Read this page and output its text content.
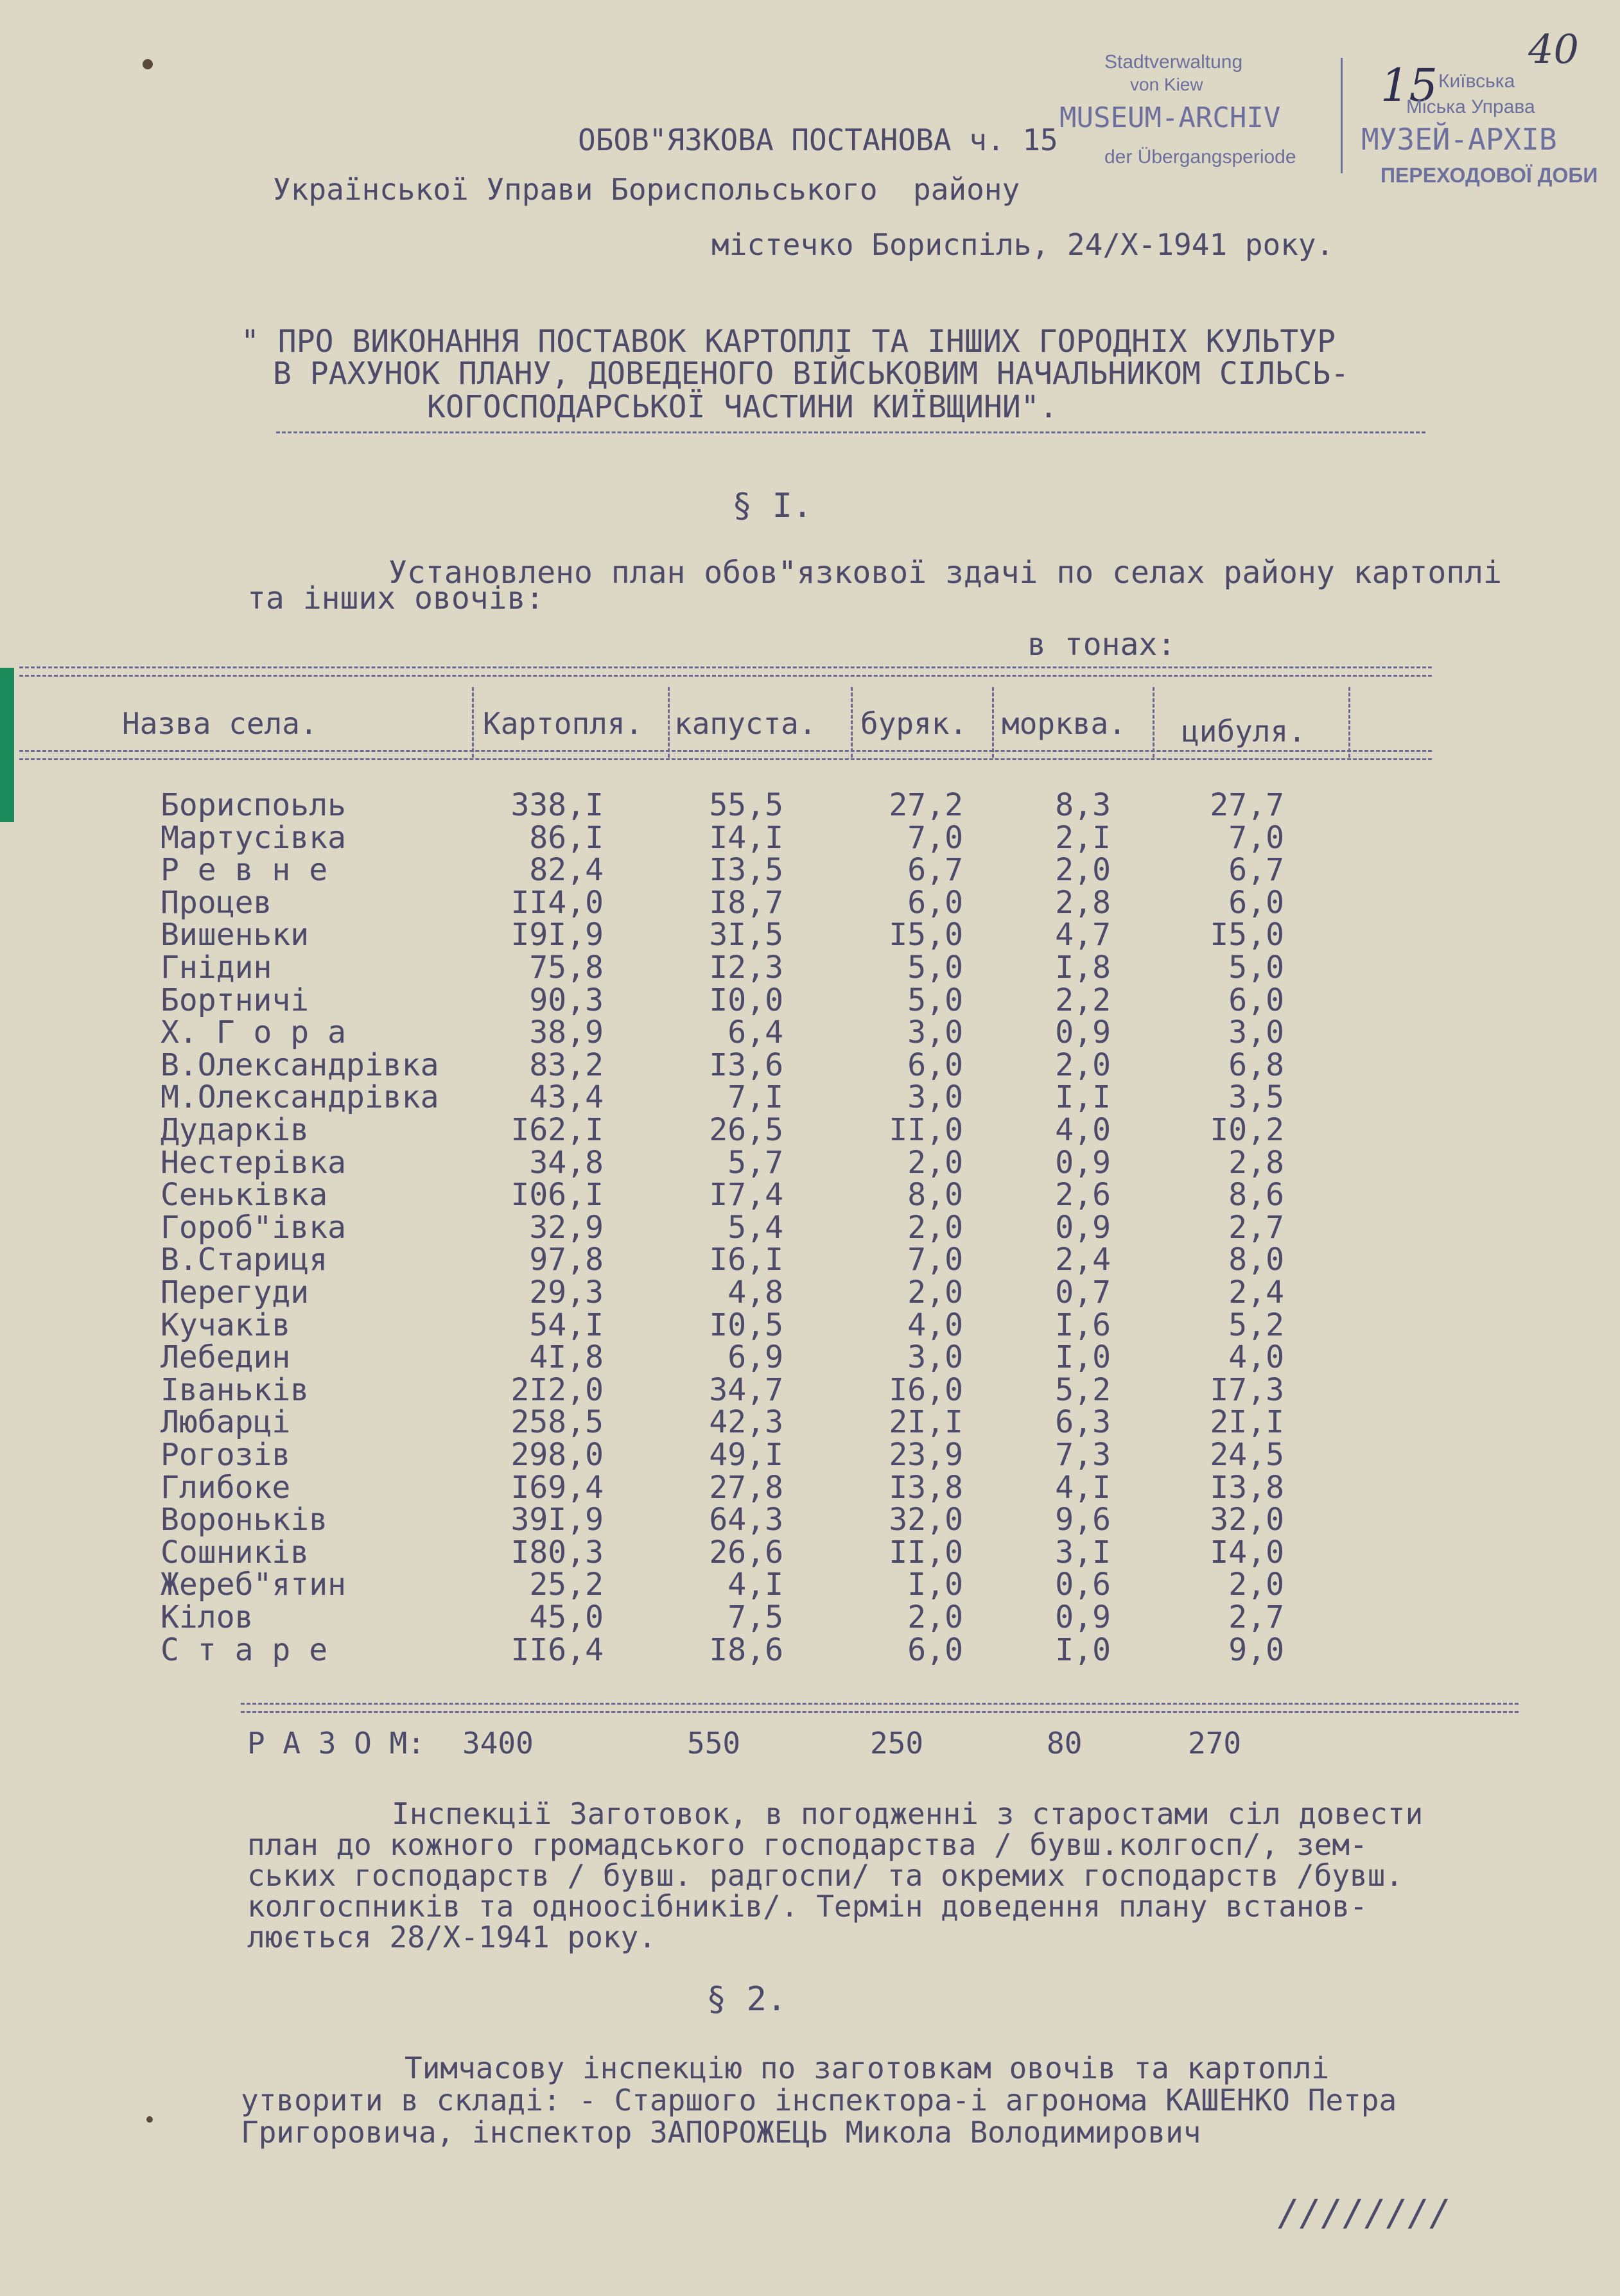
40
15
Stadtverwaltung
von Kiew
MUSEUM-ARCHIV
der Übergangsperiode
Київська
Міська Управа
МУЗЕЙ-АРХІВ
ПЕРЕХОДОВОЇ ДОБИ
ОБОВ"ЯЗКОВА ПОСТАНОВА ч. 15
Української Управи Бориспольського  району
містечко Бориспіль, 24/Х-1941 року.
" ПРО ВИКОНАННЯ ПОСТАВОК КАРТОПЛІ ТА ІНШИХ ГОРОДНІХ КУЛЬТУР
В РАХУНОК ПЛАНУ, ДОВЕДЕНОГО ВІЙСЬКОВИМ НАЧАЛЬНИКОМ СІЛЬСЬ-
КОГОСПОДАРСЬКОЇ ЧАСТИНИ КИЇВЩИНИ".
§ І.
Установлено план обов"язкової здачі по селах району картоплі
та інших овочів:
в тонах:
Назва села.	Картопля. капуста. буряк. морква. цибуля.
Бориспоьль	338,І	55,5	27,2	8,3	27,7
Мартусівка	86,І	І4,І	7,0	2,І	7,0
Р е в н е	82,4	ІЗ,5	6,7	2,0	6,7
Процев	ІІ4,0	І8,7	6,0	2,8	6,0
Вишеньки	І9І,9	3І,5	І5,0	4,7	І5,0
Гнідин	75,8	І2,3	5,0	І,8	5,0
Бортничі	90,3	І0,0	5,0	2,2	6,0
Х. Г о р а	38,9	6,4	3,0	0,9	3,0
В.Олександрівка	83,2	ІЗ,6	6,0	2,0	6,8
М.Олександрівка	43,4	7,І	3,0	І,І	3,5
Дударків	І62,І	26,5	ІІ,0	4,0	І0,2
Нестерівка	34,8	5,7	2,0	0,9	2,8
Сеньківка	І06,І	І7,4	8,0	2,6	8,6
Гороб"івка	32,9	5,4	2,0	0,9	2,7
В.Стариця	97,8	І6,І	7,0	2,4	8,0
Перегуди	29,3	4,8	2,0	0,7	2,4
Кучаків	54,І	І0,5	4,0	І,6	5,2
Лебедин	4І,8	6,9	3,0	І,0	4,0
Іваньків	2І2,0	34,7	І6,0	5,2	І7,3
Любарці	258,5	42,3	2І,І	6,3	2І,І
Рогозів	298,0	49,І	23,9	7,3	24,5
Глибоке	І69,4	27,8	ІЗ,8	4,І	ІЗ,8
Вороньків	39І,9	64,3	32,0	9,6	32,0
Сошників	І80,3	26,6	ІІ,0	3,І	І4,0
Жереб"ятин	25,2	4,І	І,0	0,6	2,0
Кілов	45,0	7,5	2,0	0,9	2,7
С т а р е	ІІ6,4	І8,6	6,0	І,0	9,0
Р А З О М: 3400	550	250	80	270
Інспекції Заготовок, в погодженні з старостами сіл довести
план до кожного громадського господарства / бувш.колгосп/, зем-
ських господарств / бувш. радгоспи/ та окремих господарств /бувш.
колгоспників та одноосібників/. Термін доведення плану встанов-
люється 28/Х-1941 року.
§ 2.
Тимчасову інспекцію по заготовкам овочів та картоплі
утворити в складі: - Старшого інспектора-і агронома КАШЕНКО Петра
Григоровича, інспектор ЗАПОРОЖЕЦЬ Микола Володимирович
////////
